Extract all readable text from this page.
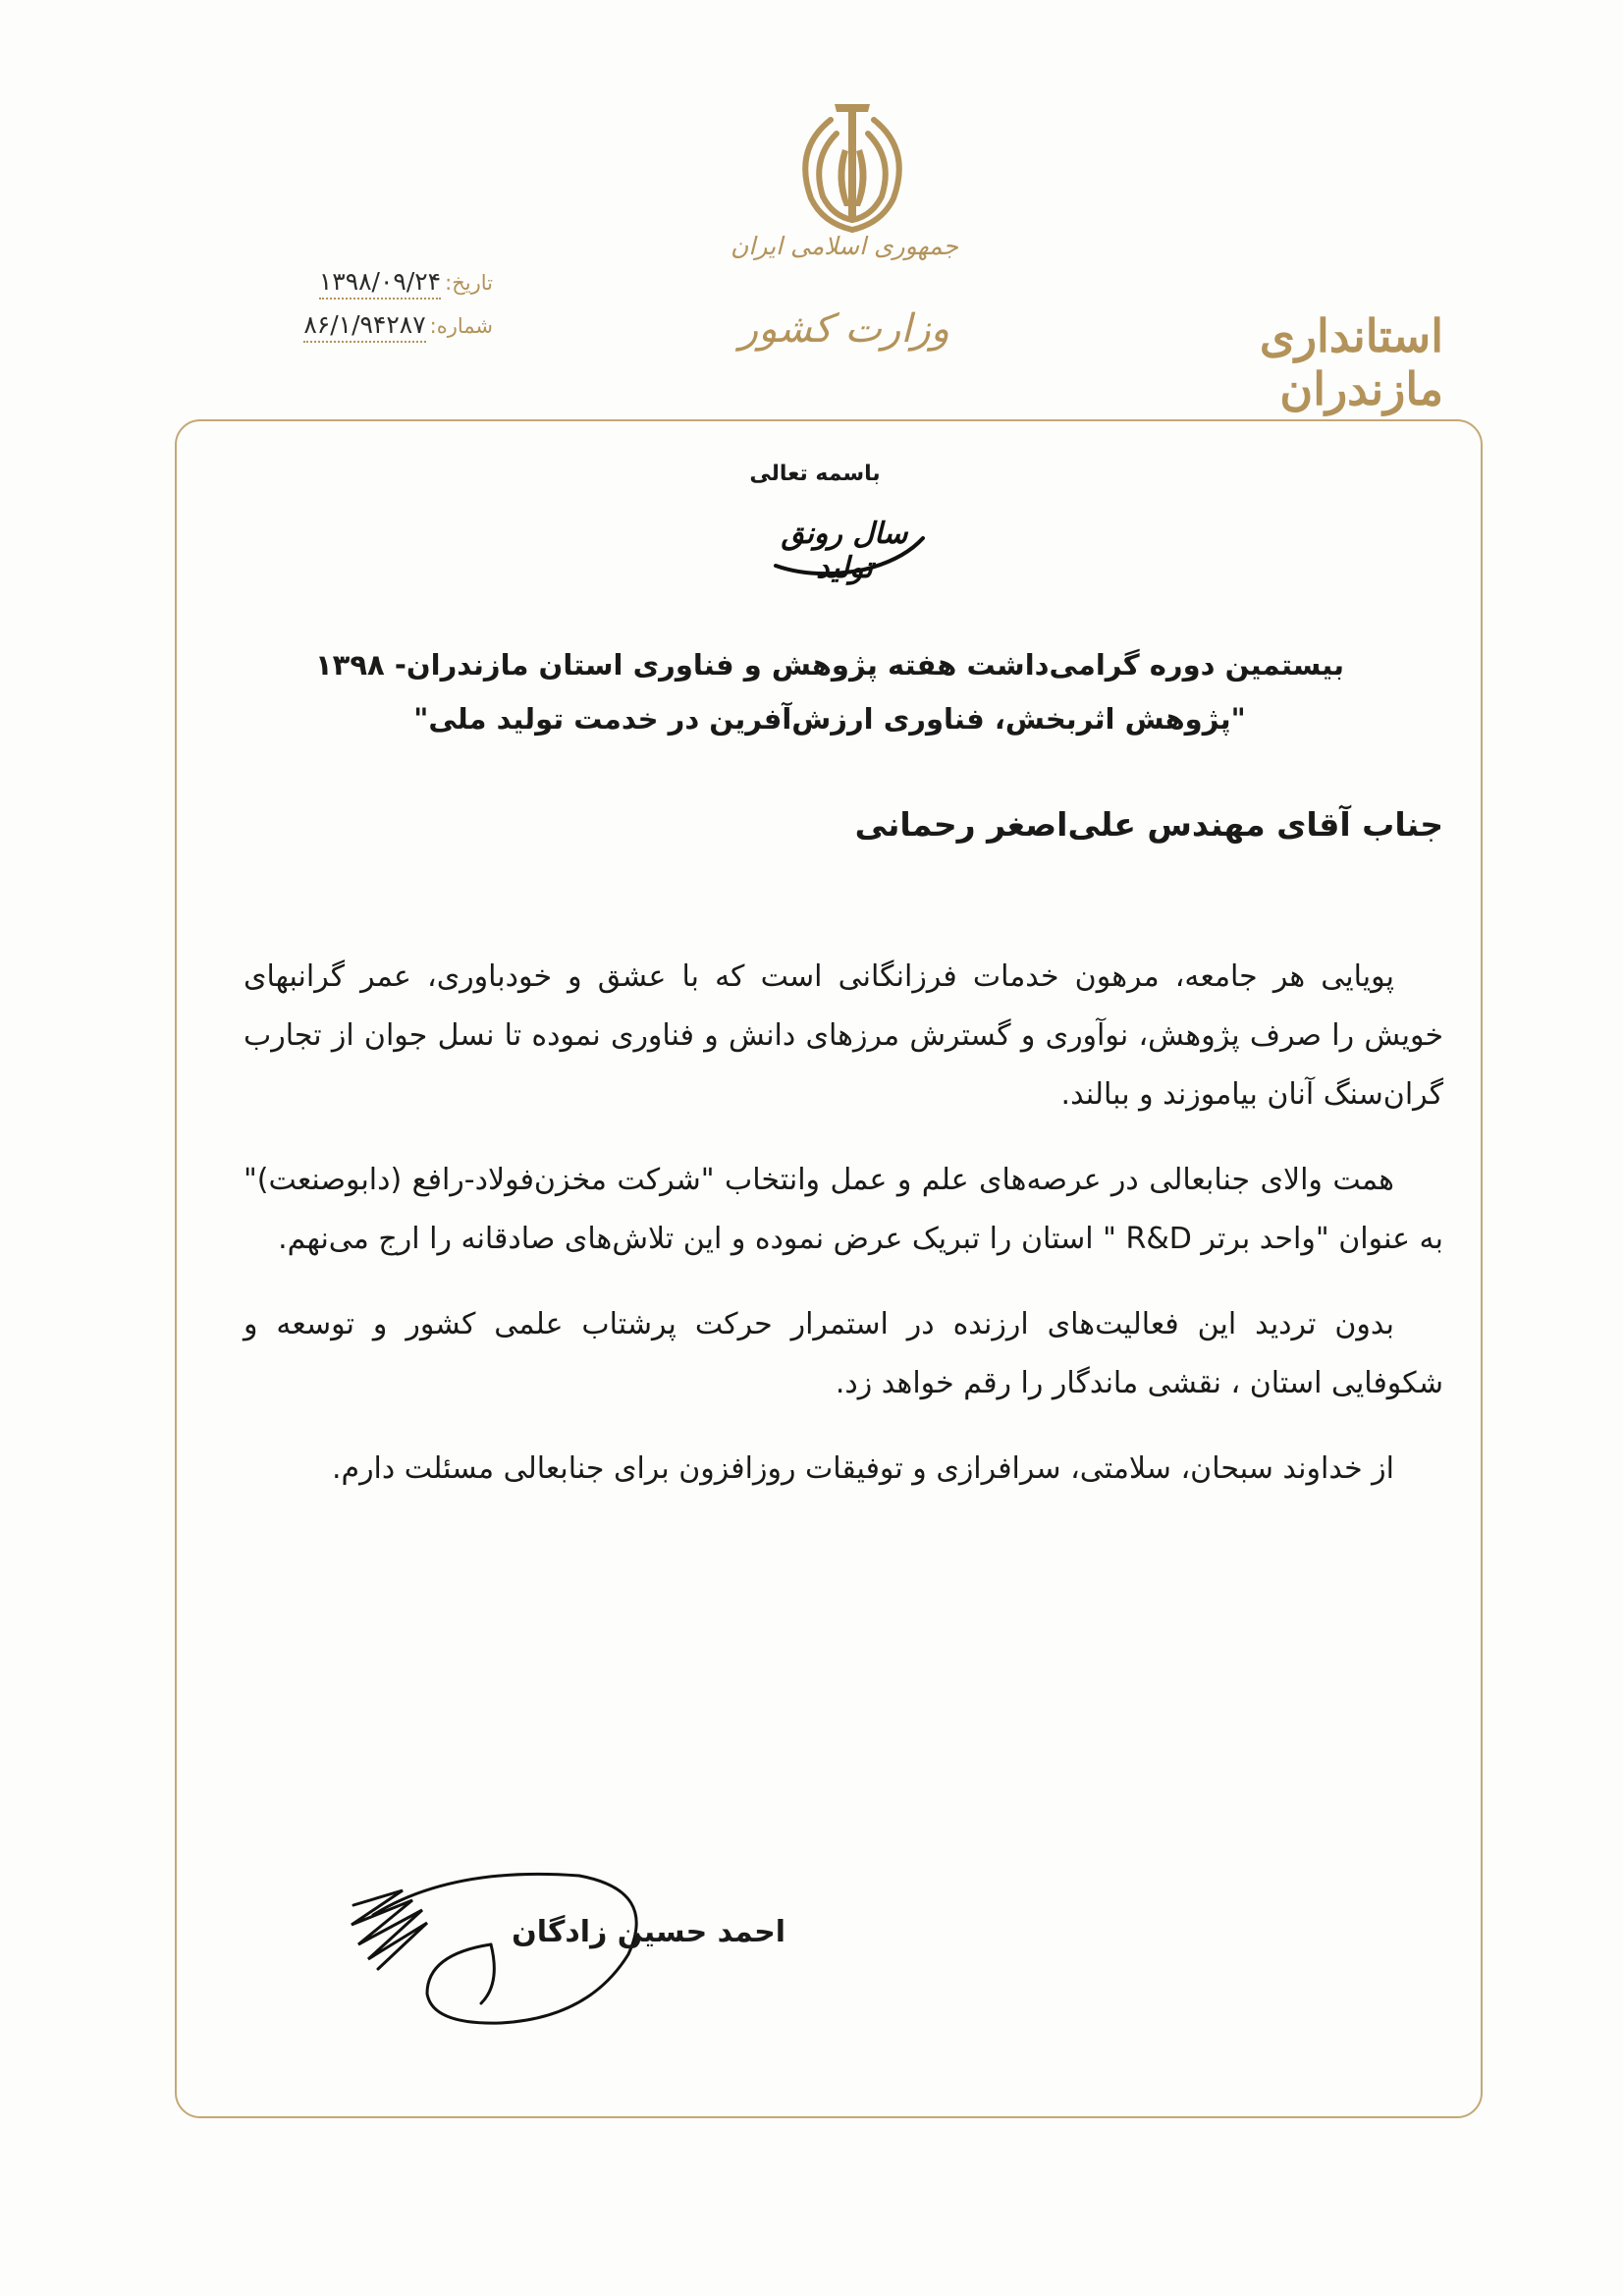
جمهوری اسلامی ایران
وزارت کشور	استانداری مازندران
تاریخ:
۱۳۹۸/۰۹/۲۴
شماره:
۸۶/۱/۹۴۲۸۷
باسمه تعالی
سال رونق تولید
بیستمین دوره گرامی‌داشت هفته پژوهش و فناوری استان مازندران- ۱۳۹۸
"پژوهش اثربخش، فناوری ارزش‌آفرین در خدمت تولید ملی"
جناب آقای مهندس علی‌اصغر رحمانی

پویایی هر جامعه، مرهون خدمات فرزانگانی است که با عشق و خودباوری، عمر گرانبهای خویش را صرف پژوهش، نوآوری و گسترش مرزهای دانش و فناوری نموده تا نسل جوان از تجارب گران‌سنگ آنان بیاموزند و ببالند.

همت والای جنابعالی در عرصه‌های علم و عمل وانتخاب "شرکت مخزن‌فولاد-رافع (دابوصنعت)" به عنوان "واحد برتر R&D " استان را تبریک عرض نموده و این تلاش‌های صادقانه را ارج می‌نهم.

بدون تردید این فعالیت‌های ارزنده در استمرار حرکت پرشتاب علمی کشور و توسعه و شکوفایی استان ، نقشی ماندگار را رقم خواهد زد.

از خداوند سبحان، سلامتی، سرافرازی و توفیقات روزافزون برای جنابعالی مسئلت دارم.

احمد حسین زادگان
